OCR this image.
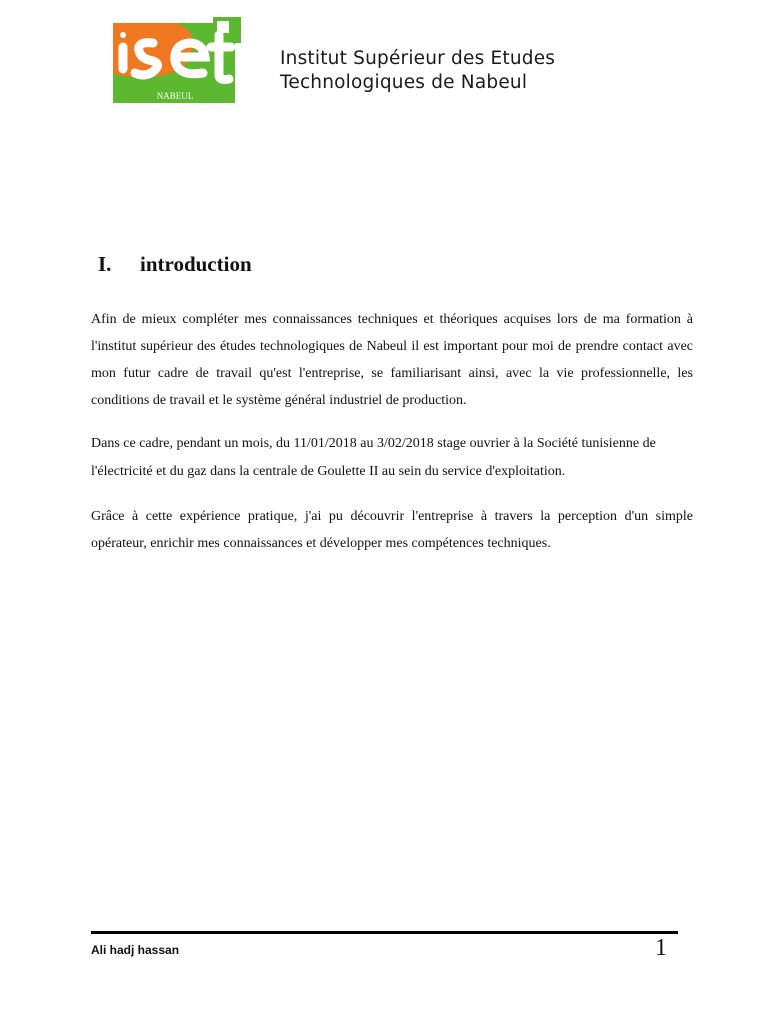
NABEUL
Institut Supérieur des Etudes
Technologiques de Nabeul
I. introduction
Afin de mieux compléter mes connaissances techniques et théoriques acquises lors de ma formation à l'institut supérieur des études technologiques de Nabeul il est important pour moi de prendre contact avec mon futur cadre de travail qu'est l'entreprise, se familiarisant ainsi, avec la vie professionnelle, les conditions de travail et le système général industriel de production.
Dans ce cadre, pendant un mois, du 11/01/2018 au 3/02/2018 stage ouvrier à la Société tunisienne de l'électricité et du gaz dans la centrale de Goulette II au sein du service d'exploitation.
Grâce à cette expérience pratique, j'ai pu découvrir l'entreprise à travers la perception d'un simple opérateur, enrichir mes connaissances et développer mes compétences techniques.
Ali hadj hassan	1
